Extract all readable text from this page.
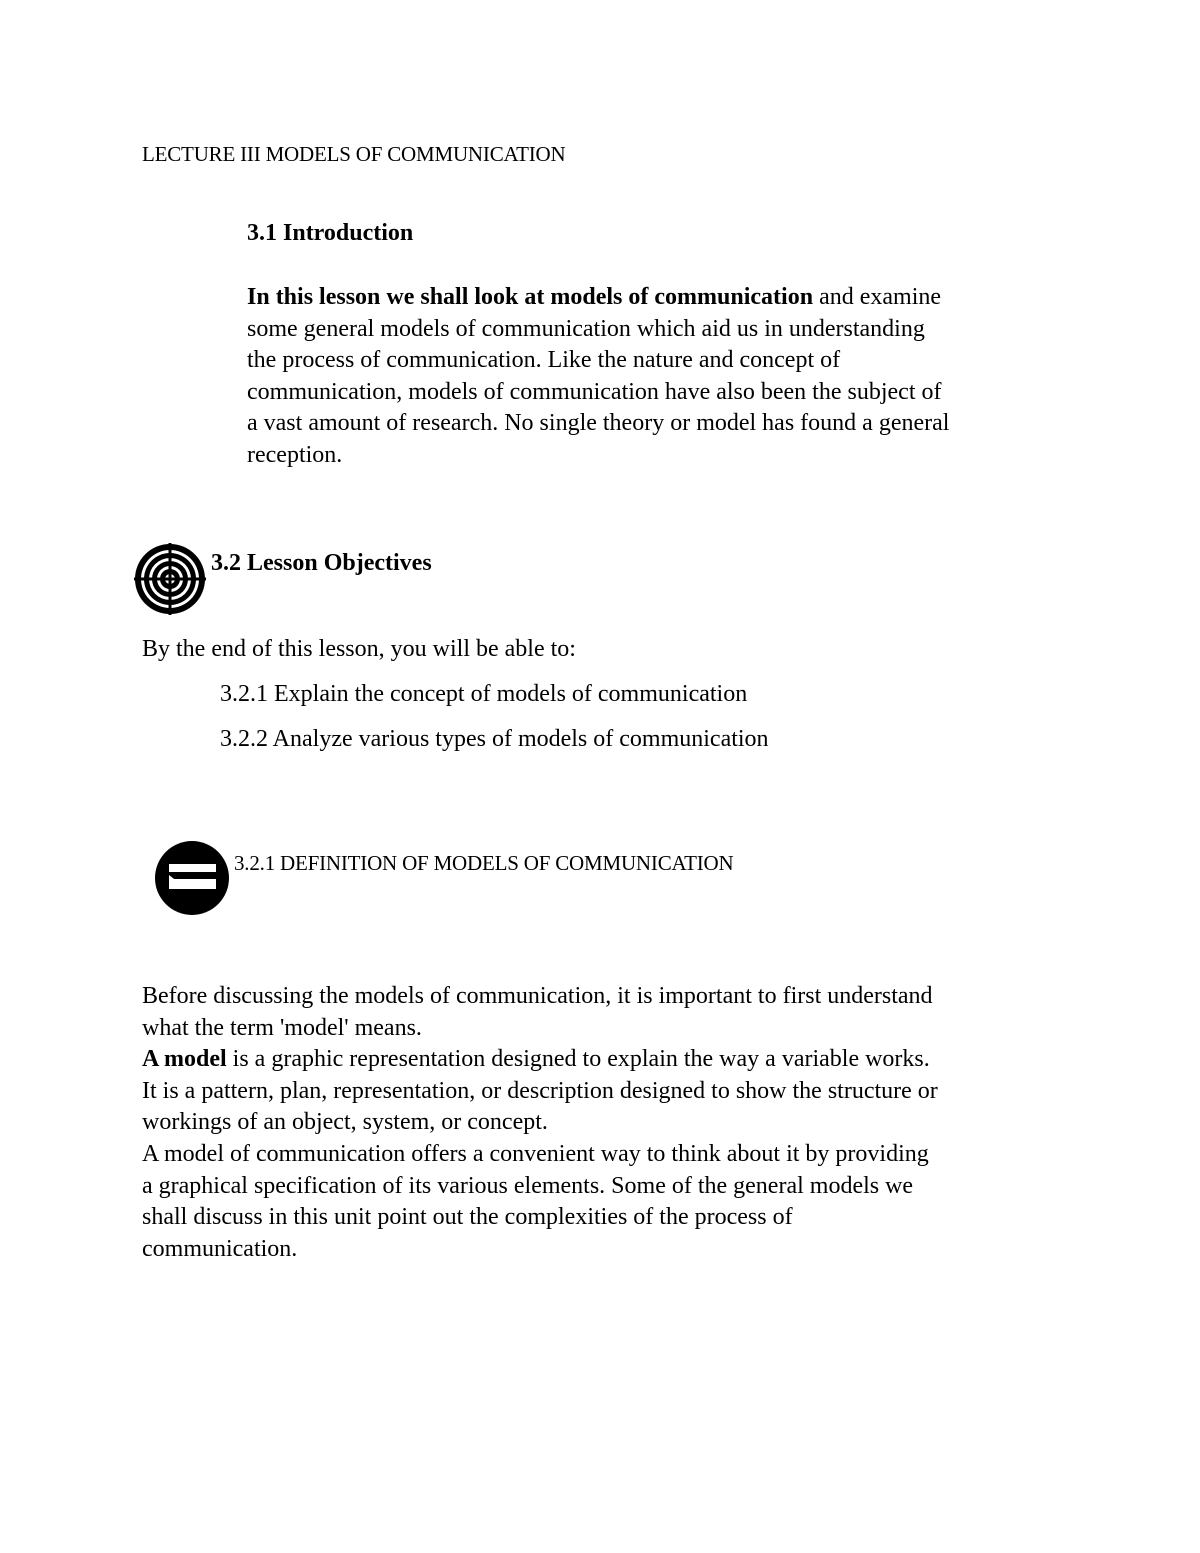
LECTURE III MODELS OF COMMUNICATION
3.1 Introduction
In this lesson we shall look at models of communication and examine
some general models of communication which aid us in understanding
the process of communication. Like the nature and concept of
communication, models of communication have also been the subject of
a vast amount of research. No single theory or model has found a general
reception.
3.2 Lesson Objectives
By the end of this lesson, you will be able to:
3.2.1 Explain the concept of models of communication
3.2.2 Analyze various types of models of communication
3.2.1 DEFINITION OF MODELS OF COMMUNICATION
Before discussing the models of communication, it is important to first understand
what the term 'model' means.
A model is a graphic representation designed to explain the way a variable works.
It is a pattern, plan, representation, or description designed to show the structure or
workings of an object, system, or concept.
A model of communication offers a convenient way to think about it by providing
a graphical specification of its various elements. Some of the general models we
shall discuss in this unit point out the complexities of the process of
communication.
